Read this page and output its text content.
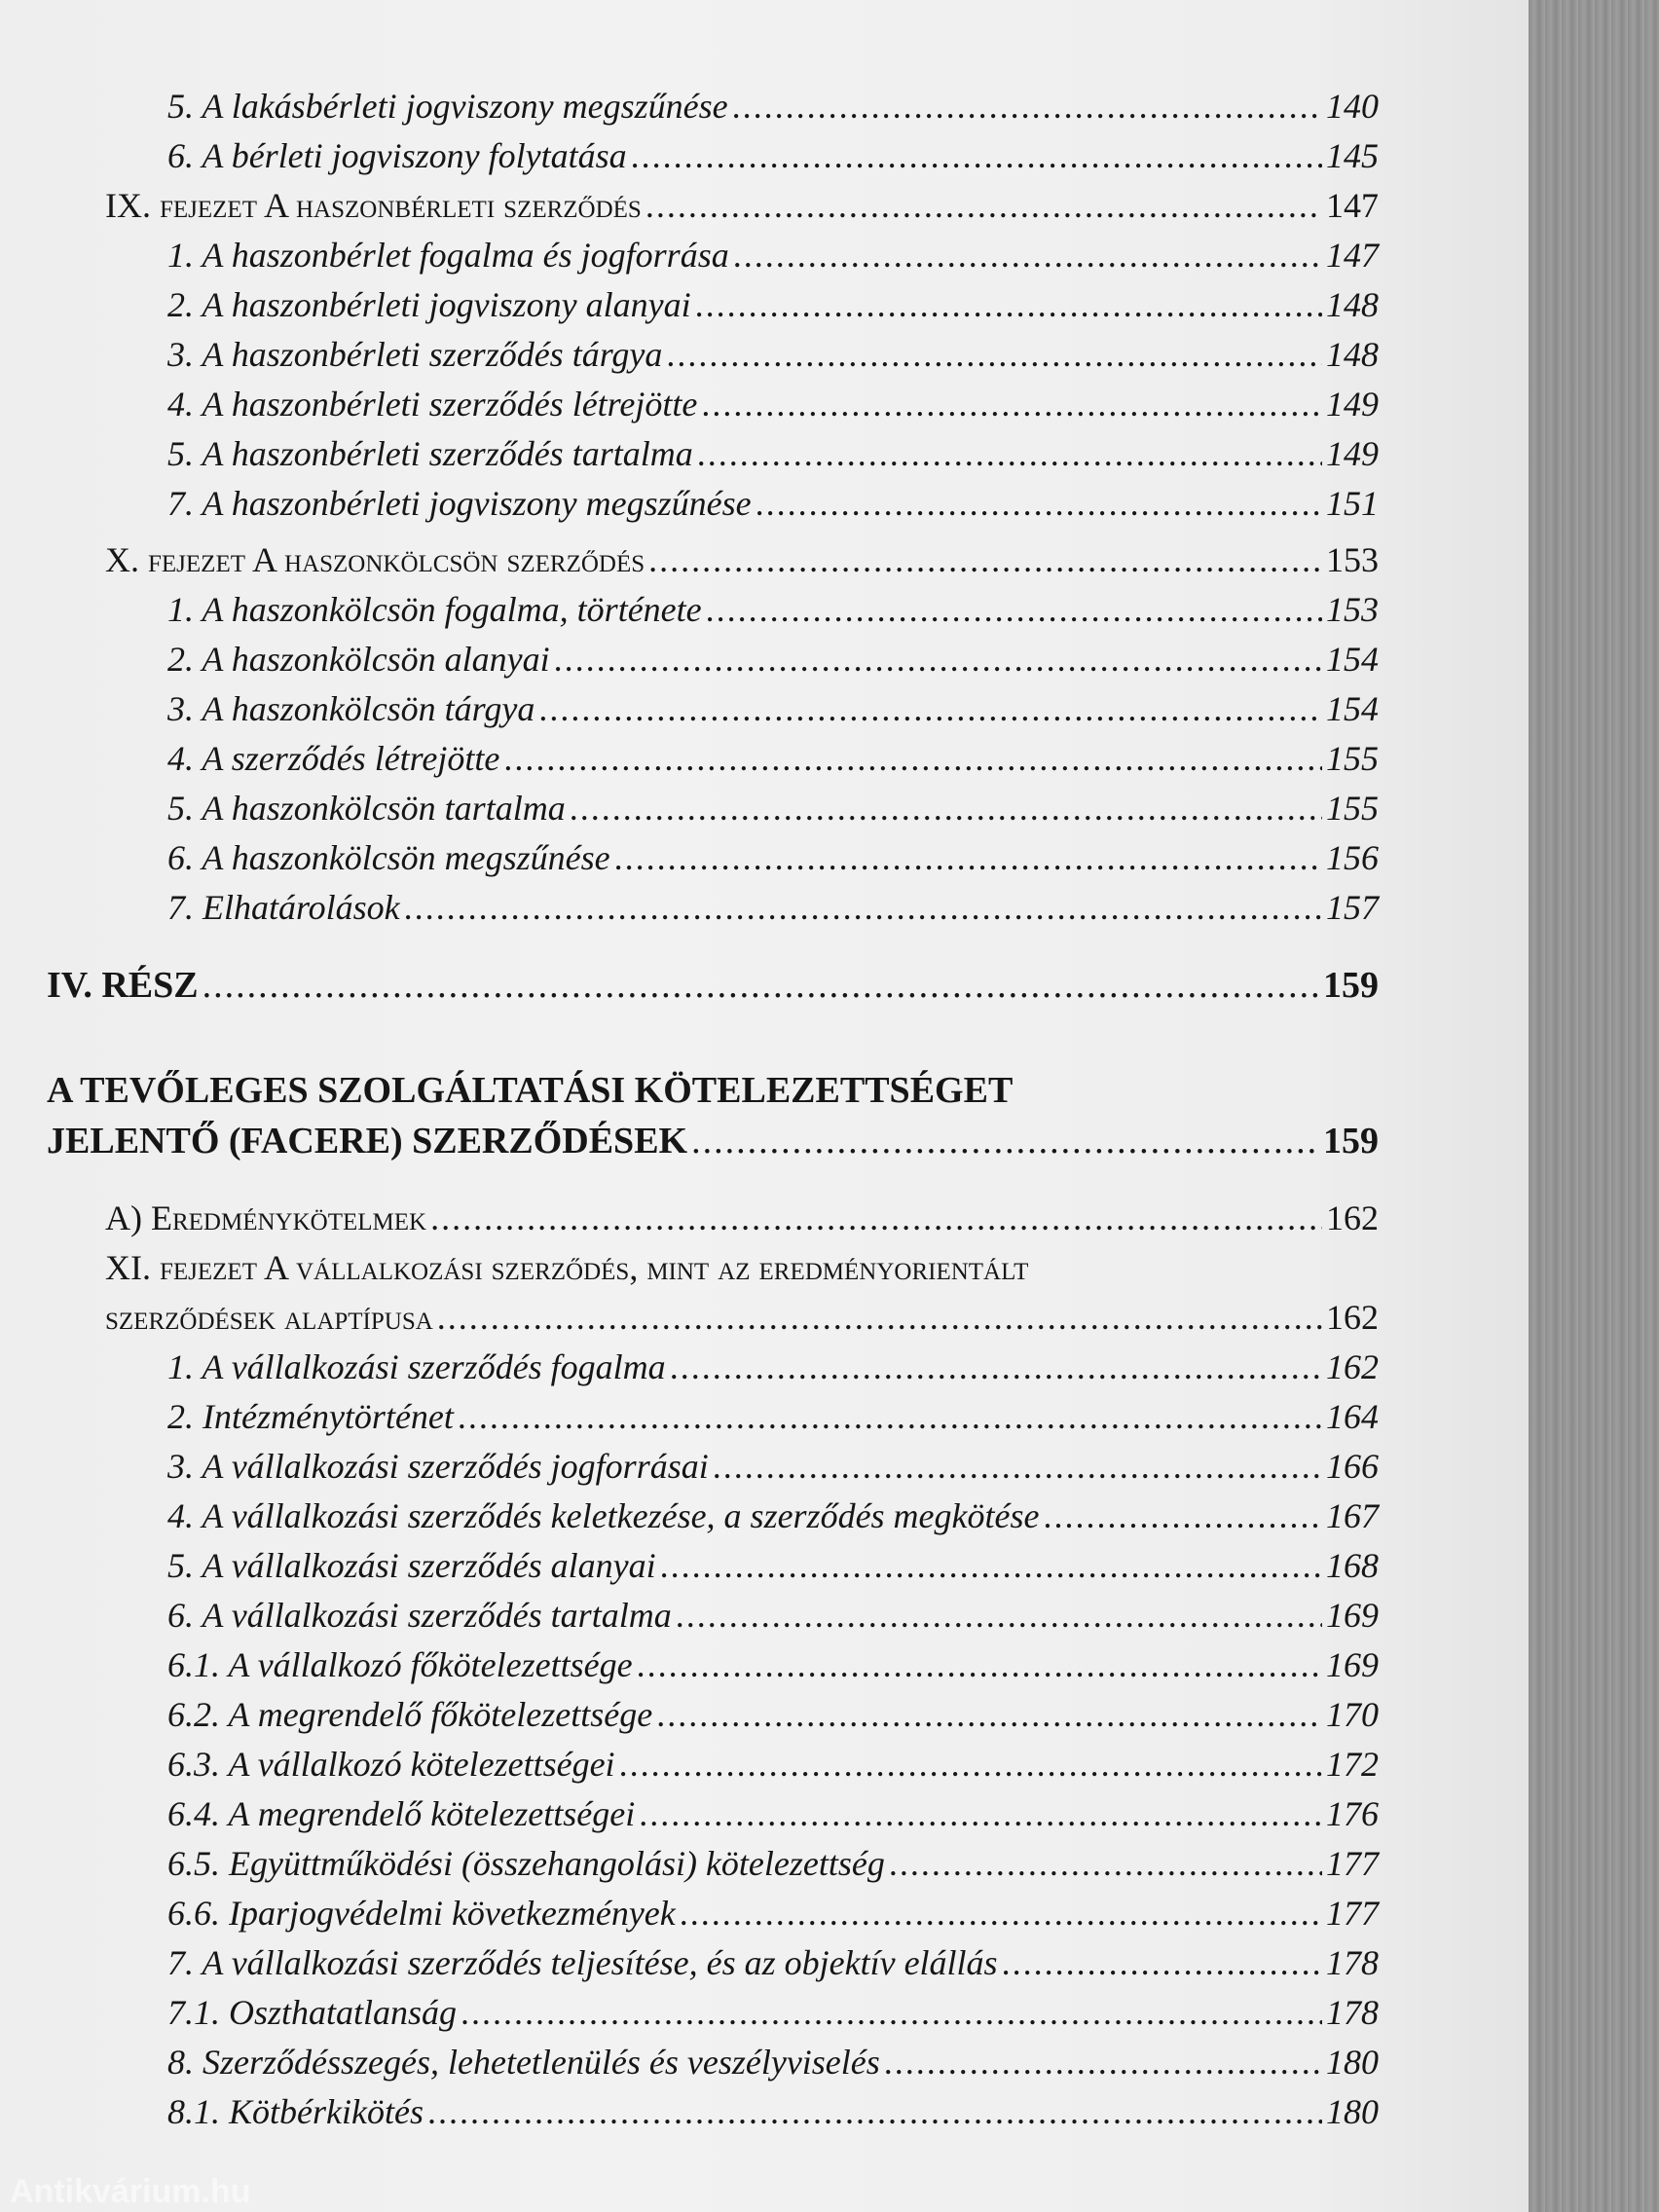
5. A lakásbérleti jogviszony megszűnése .....	140
6. A bérleti jogviszony folytatása .....	145
IX. fejezet A haszonbérleti szerződés .....	147
1. A haszonbérlet fogalma és jogforrása .....	147
2. A haszonbérleti jogviszony alanyai .....	148
3. A haszonbérleti szerződés tárgya .....	148
4. A haszonbérleti szerződés létrejötte .....	149
5. A haszonbérleti szerződés tartalma .....	149
7. A haszonbérleti jogviszony megszűnése .....	151
X. fejezet A haszonkölcsön szerződés .....	153
1. A haszonkölcsön fogalma, története .....	153
2. A haszonkölcsön alanyai .....	154
3. A haszonkölcsön tárgya .....	154
4. A szerződés létrejötte .....	155
5. A haszonkölcsön tartalma .....	155
6. A haszonkölcsön megszűnése .....	156
7. Elhatárolások .....	157
IV. RÉSZ .....	159
A TEVŐLEGES SZOLGÁLTATÁSI KÖTELEZETTSÉGET
JELENTŐ (FACERE) SZERZŐDÉSEK .....	159
A) Eredménykötelmek .....	162
XI. fejezet A vállalkozási szerződés, mint az eredményorientált
szerződések alaptípusa .....	162
1. A vállalkozási szerződés fogalma .....	162
2. Intézménytörténet .....	164
3. A vállalkozási szerződés jogforrásai .....	166
4. A vállalkozási szerződés keletkezése, a szerződés megkötése .....	167
5. A vállalkozási szerződés alanyai .....	168
6. A vállalkozási szerződés tartalma .....	169
6.1. A vállalkozó főkötelezettsége .....	169
6.2. A megrendelő főkötelezettsége .....	170
6.3. A vállalkozó kötelezettségei .....	172
6.4. A megrendelő kötelezettségei .....	176
6.5. Együttműködési (összehangolási) kötelezettség .....	177
6.6. Iparjogvédelmi következmények .....	177
7. A vállalkozási szerződés teljesítése, és az objektív elállás .....	178
7.1. Oszthatatlanság .....	178
8. Szerződésszegés, lehetetlenülés és veszélyviselés .....	180
8.1. Kötbérkikötés .....	180
Antikvárium.hu
